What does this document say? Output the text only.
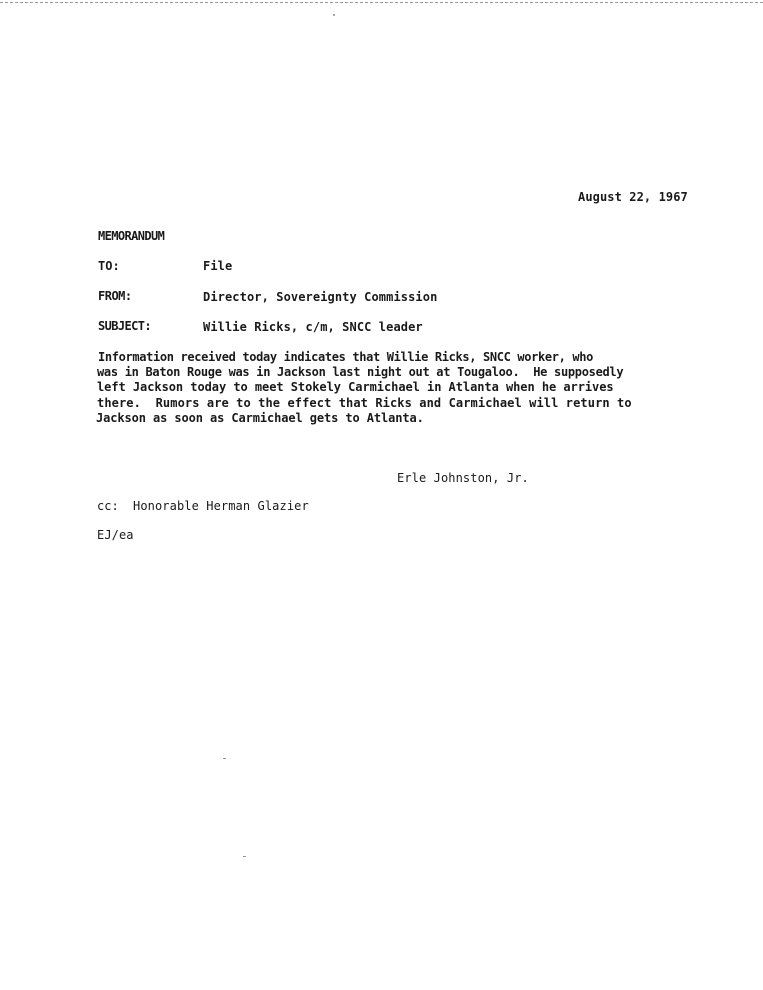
August 22, 1967
MEMORANDUM
TO:	File
FROM:	Director, Sovereignty Commission
SUBJECT:	Willie Ricks, c/m, SNCC leader
Information received today indicates that Willie Ricks, SNCC worker, who
was in Baton Rouge was in Jackson last night out at Tougaloo.  He supposedly
left Jackson today to meet Stokely Carmichael in Atlanta when he arrives
there.  Rumors are to the effect that Ricks and Carmichael will return to
Jackson as soon as Carmichael gets to Atlanta.
Erle Johnston, Jr.
cc: Honorable Herman Glazier
EJ/ea
